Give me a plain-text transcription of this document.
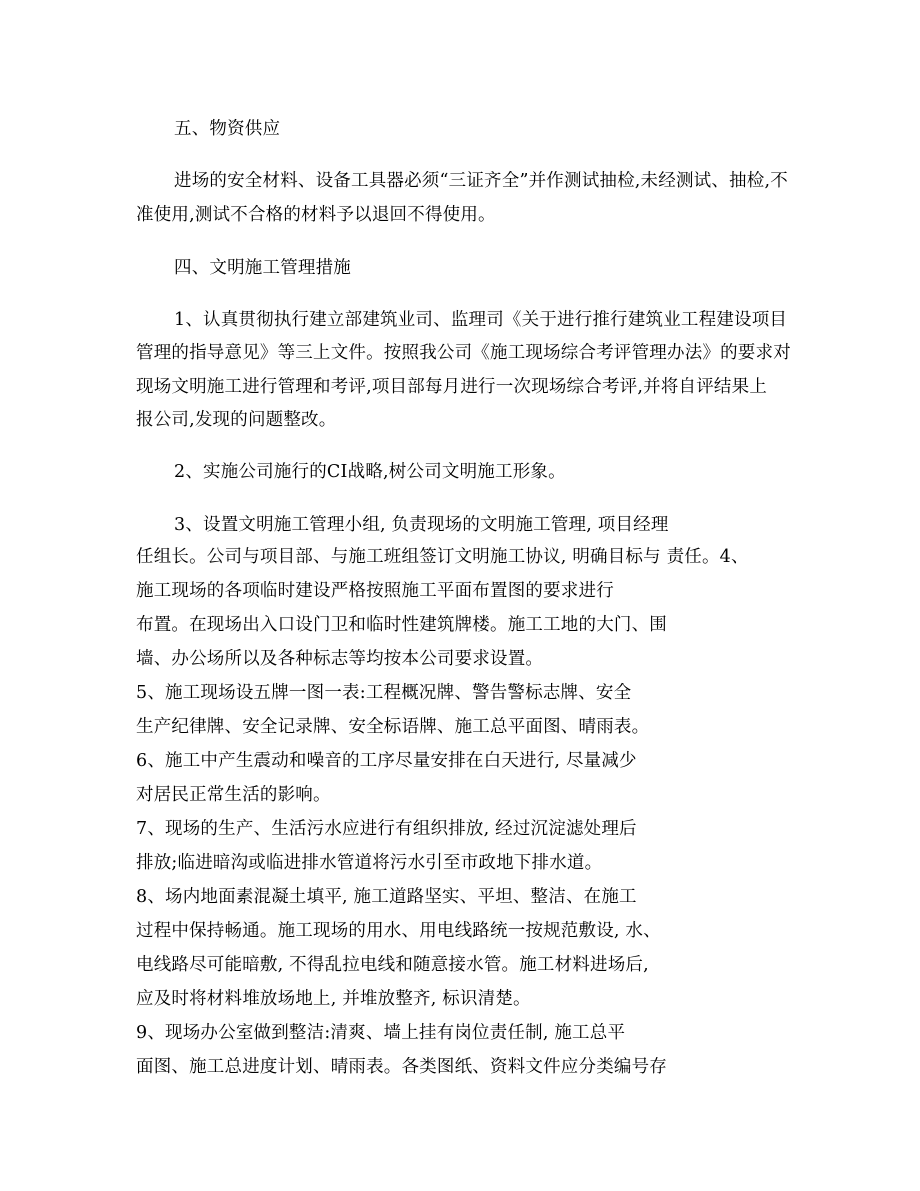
五、物资供应
进场的安全材料、设备工具器必须“三证齐全”并作测试抽检,未经测试、抽检,不
准使用,测试不合格的材料予以退回不得使用。
四、文明施工管理措施
1、认真贯彻执行建立部建筑业司、监理司《关于进行推行建筑业工程建设项目
管理的指导意见》等三上文件。按照我公司《施工现场综合考评管理办法》的要求对
现场文明施工进行管理和考评,项目部每月进行一次现场综合考评,并将自评结果上
报公司,发现的问题整改。
2、实施公司施行的CI战略,树公司文明施工形象。
3、设置文明施工管理小组, 负责现场的文明施工管理, 项目经理
任组长。公司与项目部、与施工班组签订文明施工协议, 明确目标与 责任。4、
施工现场的各项临时建设严格按照施工平面布置图的要求进行
布置。在现场出入口设门卫和临时性建筑牌楼。施工工地的大门、围
墙、办公场所以及各种标志等均按本公司要求设置。
5、施工现场设五牌一图一表:工程概况牌、警告警标志牌、安全
生产纪律牌、安全记录牌、安全标语牌、施工总平面图、晴雨表。
6、施工中产生震动和噪音的工序尽量安排在白天进行, 尽量减少
对居民正常生活的影响。
7、现场的生产、生活污水应进行有组织排放, 经过沉淀滤处理后
排放;临进暗沟或临进排水管道将污水引至市政地下排水道。
8、场内地面素混凝土填平, 施工道路坚实、平坦、整洁、在施工
过程中保持畅通。施工现场的用水、用电线路统一按规范敷设, 水、
电线路尽可能暗敷, 不得乱拉电线和随意接水管。施工材料进场后,
应及时将材料堆放场地上, 并堆放整齐, 标识清楚。
9、现场办公室做到整洁:清爽、墙上挂有岗位责任制, 施工总平
面图、施工总进度计划、晴雨表。各类图纸、资料文件应分类编号存
